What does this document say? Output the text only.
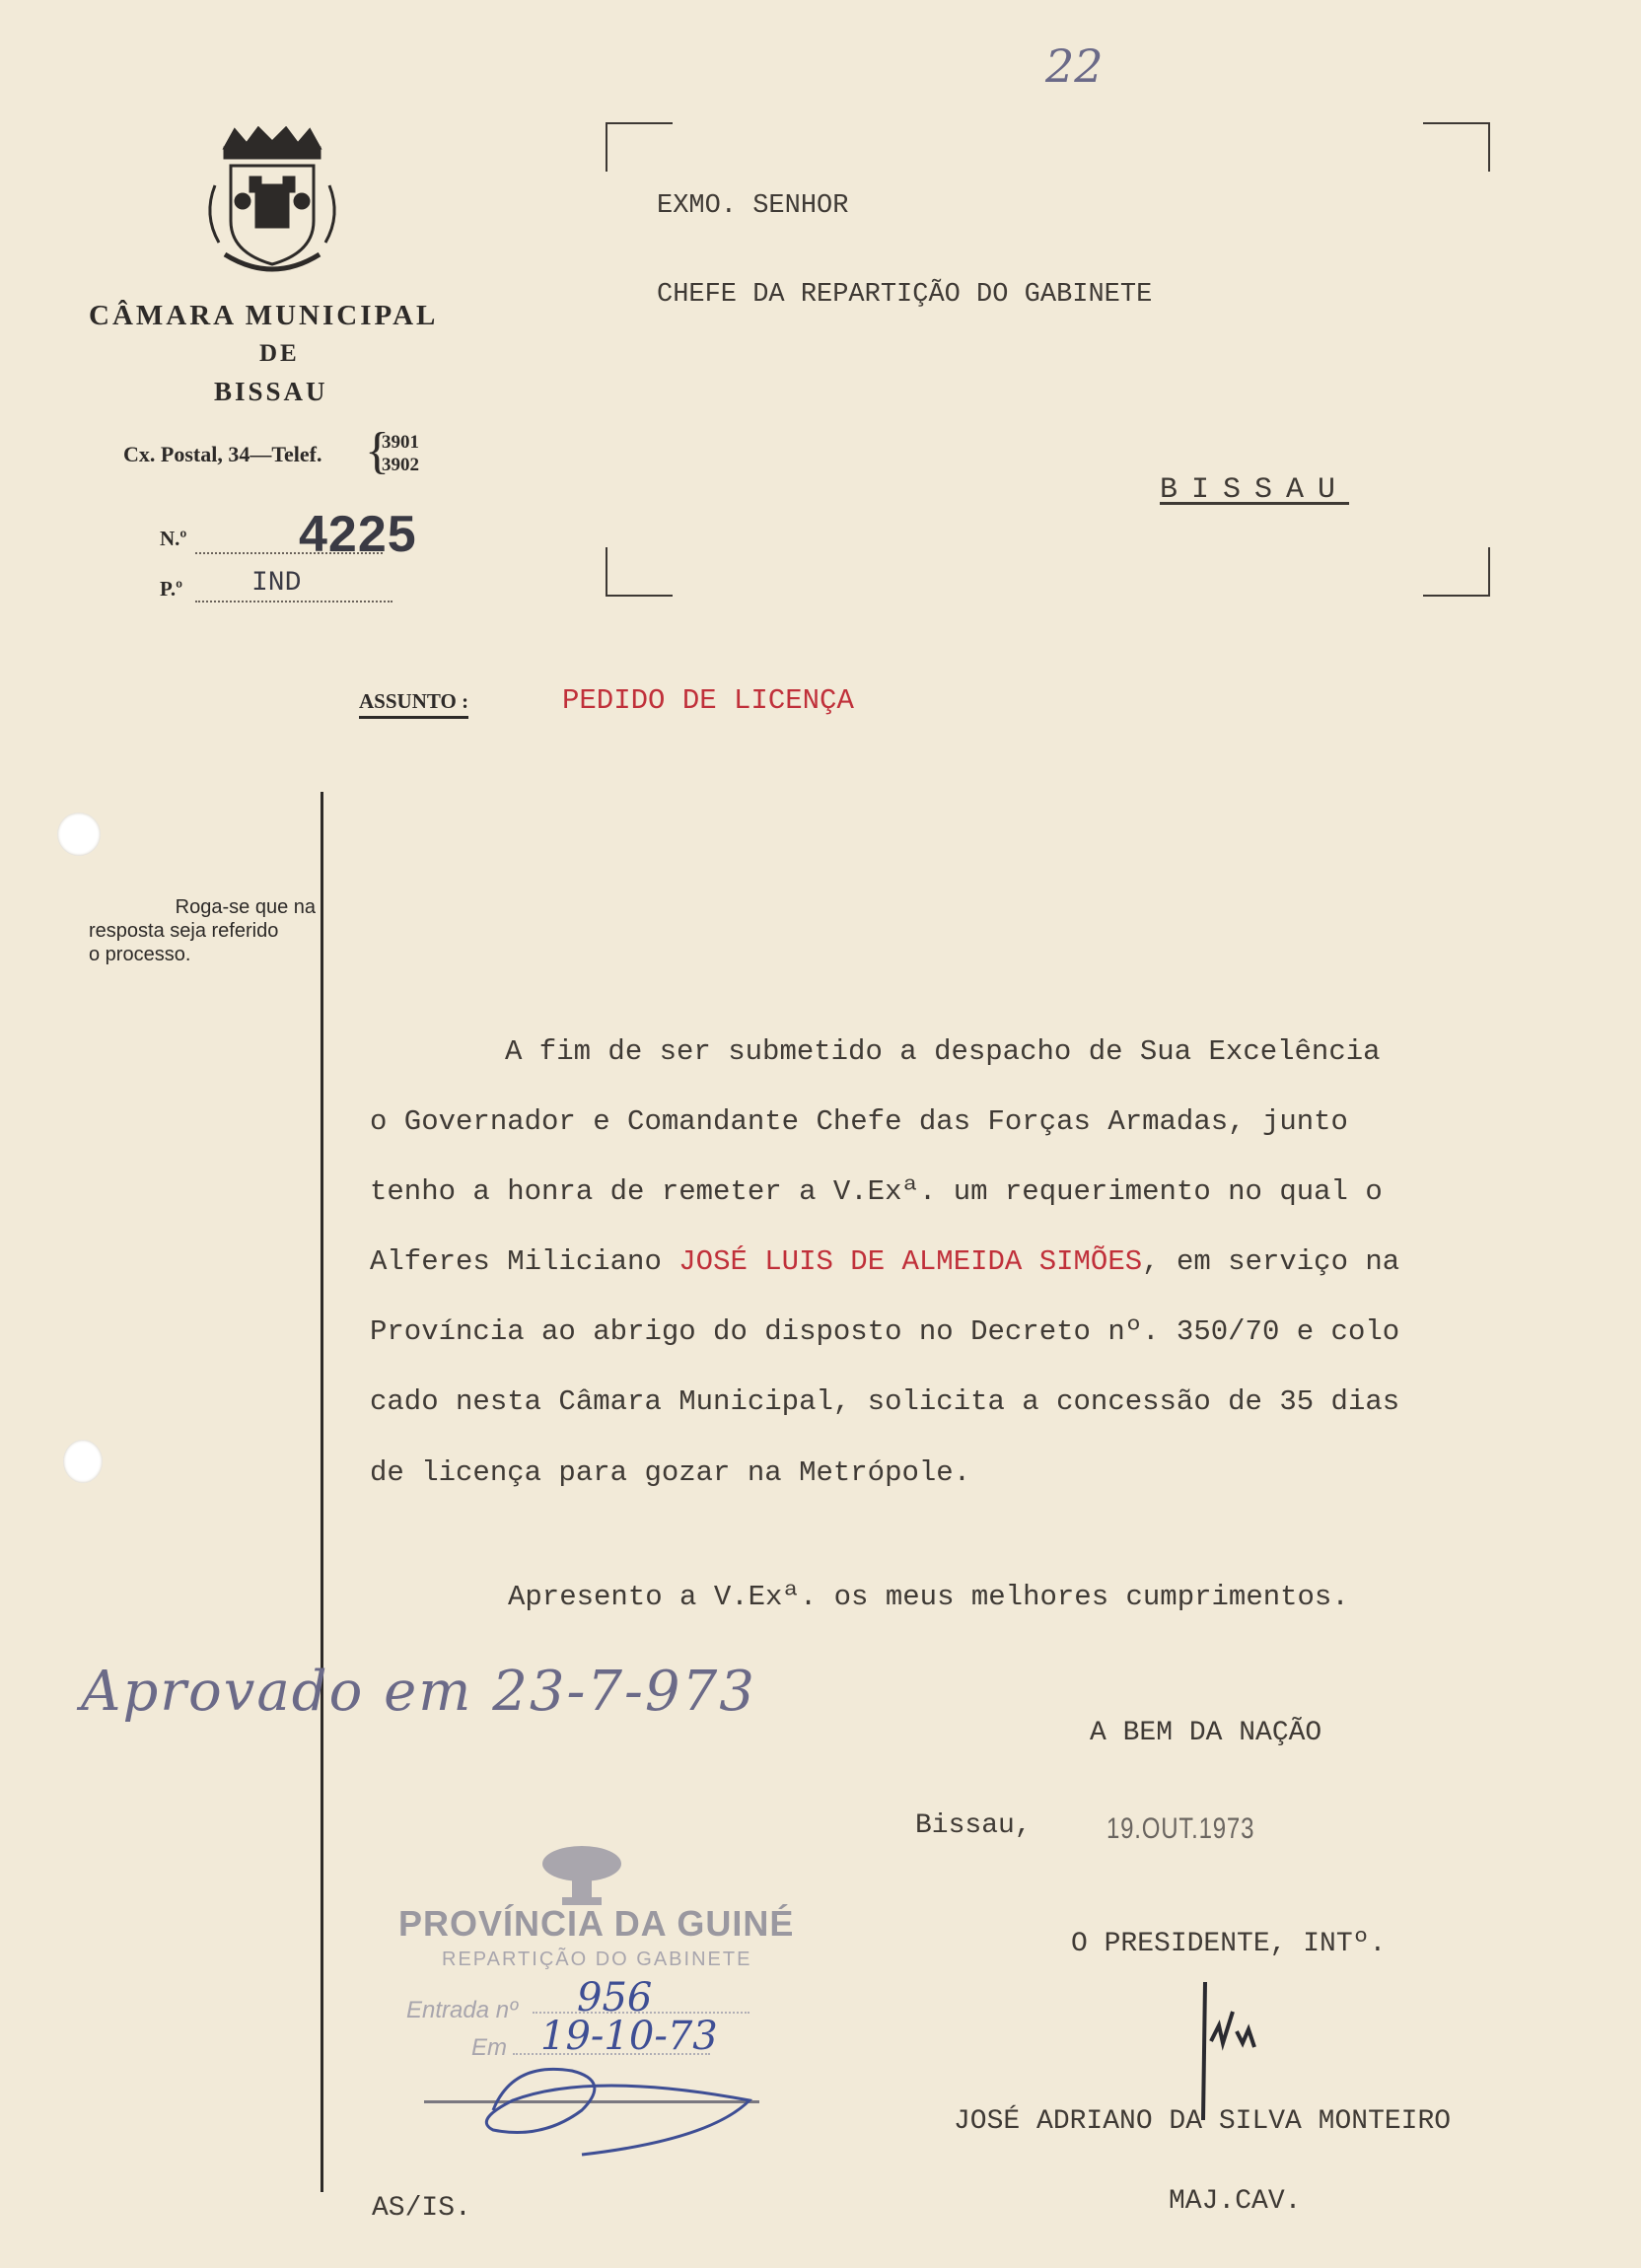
22
CÂMARA MUNICIPAL
DE
BISSAU
Cx. Postal, 34—Telef. {
3901
3902
N.º 4225
P.º IND
EXMO. SENHOR
CHEFE DA REPARTIÇÃO DO GABINETE
BISSAU
ASSUNTO :	PEDIDO DE LICENÇA
Roga-se que na
resposta seja referido
o processo.
A fim de ser submetido a despacho de Sua Excelência
o Governador e Comandante Chefe das Forças Armadas, junto
tenho a honra de remeter a V.Exª. um requerimento no qual o
Alferes Miliciano JOSÉ LUIS DE ALMEIDA SIMÕES, em serviço na
Província ao abrigo do disposto no Decreto nº. 350/70 e colo
cado nesta Câmara Municipal, solicita a concessão de 35 dias
de licença para gozar na Metrópole.
Apresento a V.Exª. os meus melhores cumprimentos.
Aprovado em 23-7-973
A BEM DA NAÇÃO
Bissau,	19.OUT.1973
O PRESIDENTE, INTº.
JOSÉ ADRIANO DA SILVA MONTEIRO
MAJ.CAV.
AS/IS.
PROVÍNCIA DA GUINÉ
REPARTIÇÃO DO GABINETE
Entrada nº 956
Em 19-10-73
